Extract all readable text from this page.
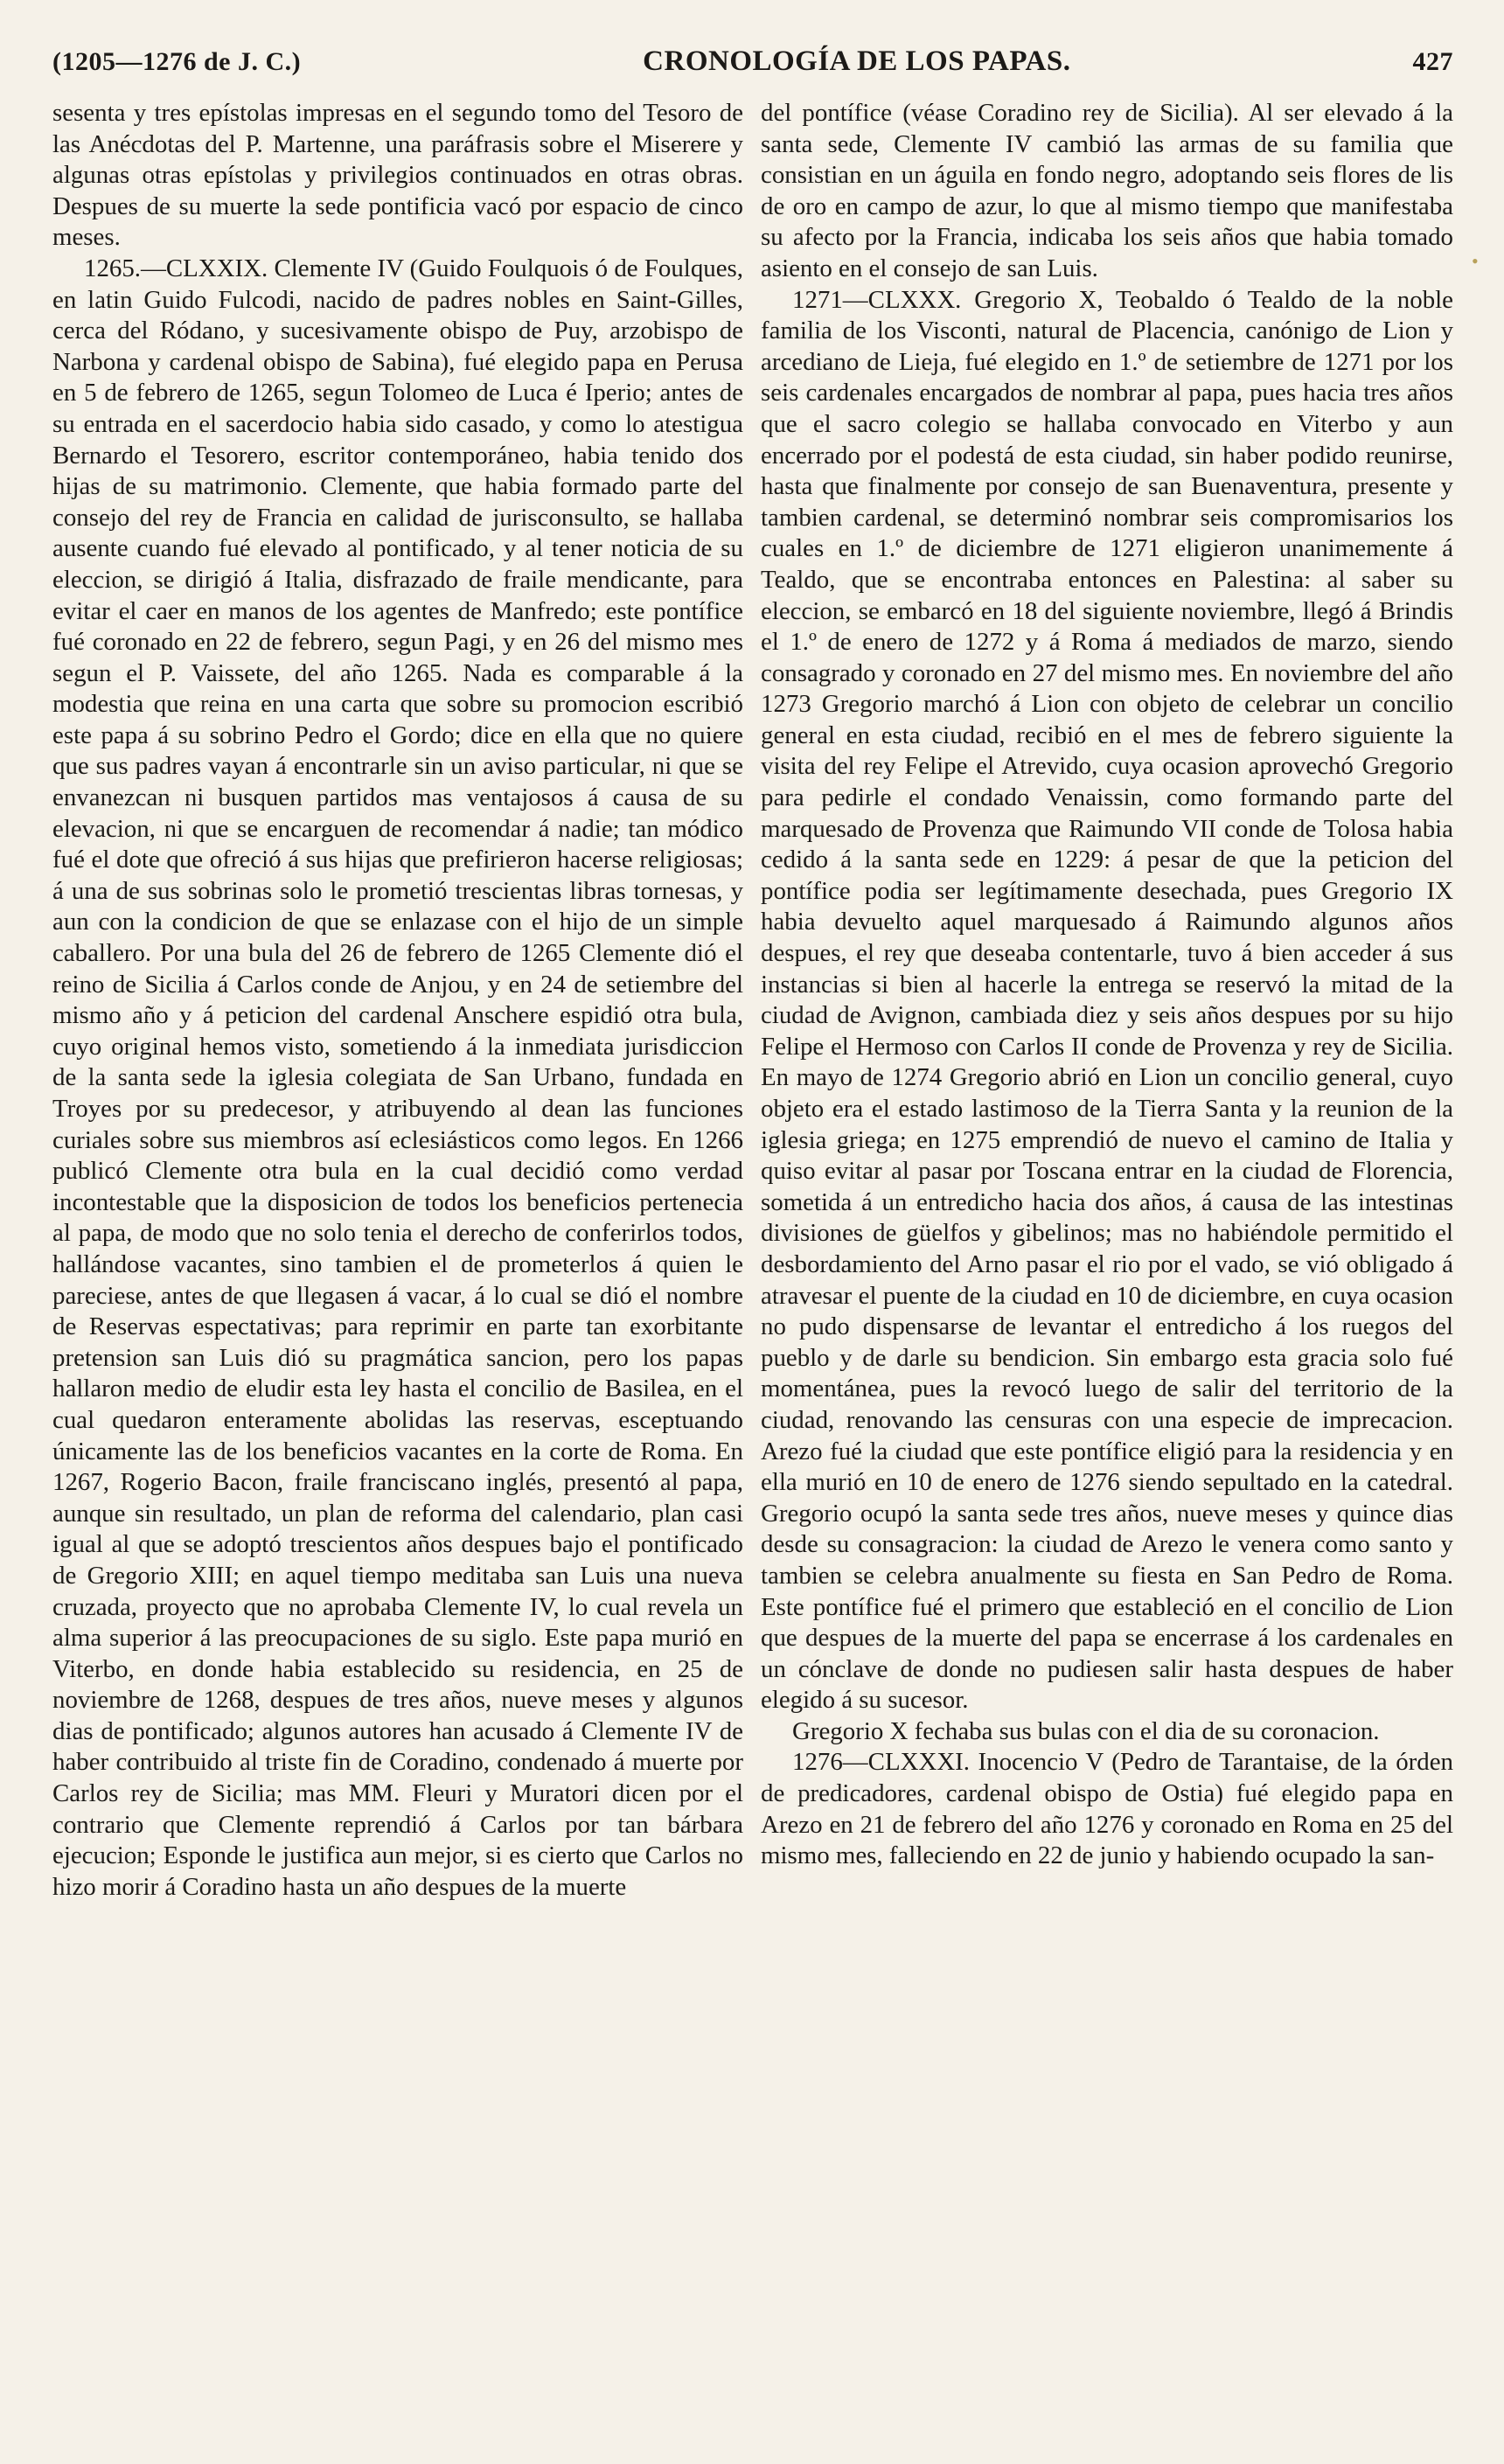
(1205—1276 de J. C.)	CRONOLOGÍA DE LOS PAPAS.	427

sesenta y tres epístolas impresas en el segundo tomo del Tesoro de las Anécdotas del P. Martenne, una paráfrasis sobre el Miserere y algunas otras epístolas y privilegios continuados en otras obras. Despues de su muerte la sede pontificia vacó por espacio de cinco meses.

1265.—CLXXIX. Clemente IV (Guido Foulquois ó de Foulques, en latin Guido Fulcodi, nacido de padres nobles en Saint-Gilles, cerca del Ródano, y sucesivamente obispo de Puy, arzobispo de Narbona y cardenal obispo de Sabina), fué elegido papa en Perusa en 5 de febrero de 1265, segun Tolomeo de Luca é Iperio; antes de su entrada en el sacerdocio habia sido casado, y como lo atestigua Bernardo el Tesorero, escritor contemporáneo, habia tenido dos hijas de su matrimonio. Clemente, que habia formado parte del consejo del rey de Francia en calidad de jurisconsulto, se hallaba ausente cuando fué elevado al pontificado, y al tener noticia de su eleccion, se dirigió á Italia, disfrazado de fraile mendicante, para evitar el caer en manos de los agentes de Manfredo; este pontífice fué coronado en 22 de febrero, segun Pagi, y en 26 del mismo mes segun el P. Vaissete, del año 1265. Nada es comparable á la modestia que reina en una carta que sobre su promocion escribió este papa á su sobrino Pedro el Gordo; dice en ella que no quiere que sus padres vayan á encontrarle sin un aviso particular, ni que se envanezcan ni busquen partidos mas ventajosos á causa de su elevacion, ni que se encarguen de recomendar á nadie; tan módico fué el dote que ofreció á sus hijas que prefirieron hacerse religiosas; á una de sus sobrinas solo le prometió trescientas libras tornesas, y aun con la condicion de que se enlazase con el hijo de un simple caballero. Por una bula del 26 de febrero de 1265 Clemente dió el reino de Sicilia á Carlos conde de Anjou, y en 24 de setiembre del mismo año y á peticion del cardenal Anschere espidió otra bula, cuyo original hemos visto, sometiendo á la inmediata jurisdiccion de la santa sede la iglesia colegiata de San Urbano, fundada en Troyes por su predecesor, y atribuyendo al dean las funciones curiales sobre sus miembros así eclesiásticos como legos. En 1266 publicó Clemente otra bula en la cual decidió como verdad incontestable que la disposicion de todos los beneficios pertenecia al papa, de modo que no solo tenia el derecho de conferirlos todos, hallándose vacantes, sino tambien el de prometerlos á quien le pareciese, antes de que llegasen á vacar, á lo cual se dió el nombre de Reservas espectativas; para reprimir en parte tan exorbitante pretension san Luis dió su pragmática sancion, pero los papas hallaron medio de eludir esta ley hasta el concilio de Basilea, en el cual quedaron enteramente abolidas las reservas, esceptuando únicamente las de los beneficios vacantes en la corte de Roma. En 1267, Rogerio Bacon, fraile franciscano inglés, presentó al papa, aunque sin resultado, un plan de reforma del calendario, plan casi igual al que se adoptó trescientos años despues bajo el pontificado de Gregorio XIII; en aquel tiempo meditaba san Luis una nueva cruzada, proyecto que no aprobaba Clemente IV, lo cual revela un alma superior á las preocupaciones de su siglo. Este papa murió en Viterbo, en donde habia establecido su residencia, en 25 de noviembre de 1268, despues de tres años, nueve meses y algunos dias de pontificado; algunos autores han acusado á Clemente IV de haber contribuido al triste fin de Coradino, condenado á muerte por Carlos rey de Sicilia; mas MM. Fleuri y Muratori dicen por el contrario que Clemente reprendió á Carlos por tan bárbara ejecucion; Esponde le justifica aun mejor, si es cierto que Carlos no hizo morir á Coradino hasta un año despues de la muerte

del pontífice (véase Coradino rey de Sicilia). Al ser elevado á la santa sede, Clemente IV cambió las armas de su familia que consistian en un águila en fondo negro, adoptando seis flores de lis de oro en campo de azur, lo que al mismo tiempo que manifestaba su afecto por la Francia, indicaba los seis años que habia tomado asiento en el consejo de san Luis.

1271—CLXXX. Gregorio X, Teobaldo ó Tealdo de la noble familia de los Visconti, natural de Placencia, canónigo de Lion y arcediano de Lieja, fué elegido en 1.º de setiembre de 1271 por los seis cardenales encargados de nombrar al papa, pues hacia tres años que el sacro colegio se hallaba convocado en Viterbo y aun encerrado por el podestá de esta ciudad, sin haber podido reunirse, hasta que finalmente por consejo de san Buenaventura, presente y tambien cardenal, se determinó nombrar seis compromisarios los cuales en 1.º de diciembre de 1271 eligieron unanimemente á Tealdo, que se encontraba entonces en Palestina: al saber su eleccion, se embarcó en 18 del siguiente noviembre, llegó á Brindis el 1.º de enero de 1272 y á Roma á mediados de marzo, siendo consagrado y coronado en 27 del mismo mes. En noviembre del año 1273 Gregorio marchó á Lion con objeto de celebrar un concilio general en esta ciudad, recibió en el mes de febrero siguiente la visita del rey Felipe el Atrevido, cuya ocasion aprovechó Gregorio para pedirle el condado Venaissin, como formando parte del marquesado de Provenza que Raimundo VII conde de Tolosa habia cedido á la santa sede en 1229: á pesar de que la peticion del pontífice podia ser legítimamente desechada, pues Gregorio IX habia devuelto aquel marquesado á Raimundo algunos años despues, el rey que deseaba contentarle, tuvo á bien acceder á sus instancias si bien al hacerle la entrega se reservó la mitad de la ciudad de Avignon, cambiada diez y seis años despues por su hijo Felipe el Hermoso con Carlos II conde de Provenza y rey de Sicilia. En mayo de 1274 Gregorio abrió en Lion un concilio general, cuyo objeto era el estado lastimoso de la Tierra Santa y la reunion de la iglesia griega; en 1275 emprendió de nuevo el camino de Italia y quiso evitar al pasar por Toscana entrar en la ciudad de Florencia, sometida á un entredicho hacia dos años, á causa de las intestinas divisiones de güelfos y gibelinos; mas no habiéndole permitido el desbordamiento del Arno pasar el rio por el vado, se vió obligado á atravesar el puente de la ciudad en 10 de diciembre, en cuya ocasion no pudo dispensarse de levantar el entredicho á los ruegos del pueblo y de darle su bendicion. Sin embargo esta gracia solo fué momentánea, pues la revocó luego de salir del territorio de la ciudad, renovando las censuras con una especie de imprecacion. Arezo fué la ciudad que este pontífice eligió para la residencia y en ella murió en 10 de enero de 1276 siendo sepultado en la catedral. Gregorio ocupó la santa sede tres años, nueve meses y quince dias desde su consagracion: la ciudad de Arezo le venera como santo y tambien se celebra anualmente su fiesta en San Pedro de Roma. Este pontífice fué el primero que estableció en el concilio de Lion que despues de la muerte del papa se encerrase á los cardenales en un cónclave de donde no pudiesen salir hasta despues de haber elegido á su sucesor.

Gregorio X fechaba sus bulas con el dia de su coronacion.

1276—CLXXXI. Inocencio V (Pedro de Tarantaise, de la órden de predicadores, cardenal obispo de Ostia) fué elegido papa en Arezo en 21 de febrero del año 1276 y coronado en Roma en 25 del mismo mes, falleciendo en 22 de junio y habiendo ocupado la san-

•
